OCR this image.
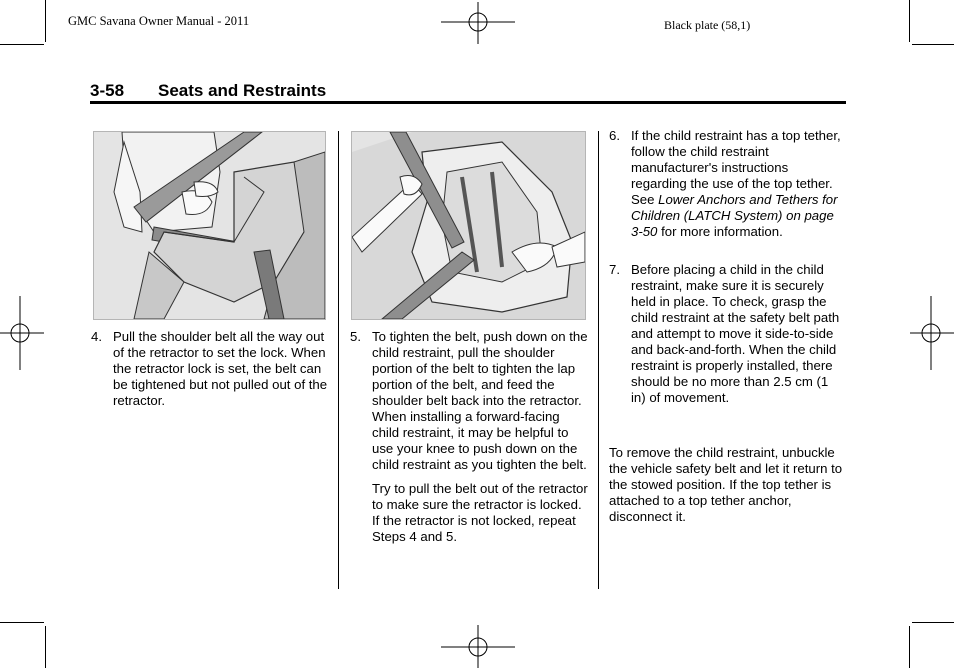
GMC Savana Owner Manual - 2011	Black plate (58,1)
3-58 Seats and Restraints
4. Pull the shoulder belt all the way out of the retractor to set the lock. When the retractor lock is set, the belt can be tightened but not pulled out of the retractor.

5. To tighten the belt, push down on the child restraint, pull the shoulder portion of the belt to tighten the lap portion of the belt, and feed the shoulder belt back into the retractor. When installing a forward-facing child restraint, it may be helpful to use your knee to push down on the child restraint as you tighten the belt.

Try to pull the belt out of the retractor to make sure the retractor is locked. If the retractor is not locked, repeat Steps 4 and 5.

6. If the child restraint has a top tether, follow the child restraint manufacturer's instructions regarding the use of the top tether. See Lower Anchors and Tethers for Children (LATCH System) on page 3-50 for more information.

7. Before placing a child in the child restraint, make sure it is securely held in place. To check, grasp the child restraint at the safety belt path and attempt to move it side-to-side and back-and-forth. When the child restraint is properly installed, there should be no more than 2.5 cm (1 in) of movement.

To remove the child restraint, unbuckle the vehicle safety belt and let it return to the stowed position. If the top tether is attached to a top tether anchor, disconnect it.
